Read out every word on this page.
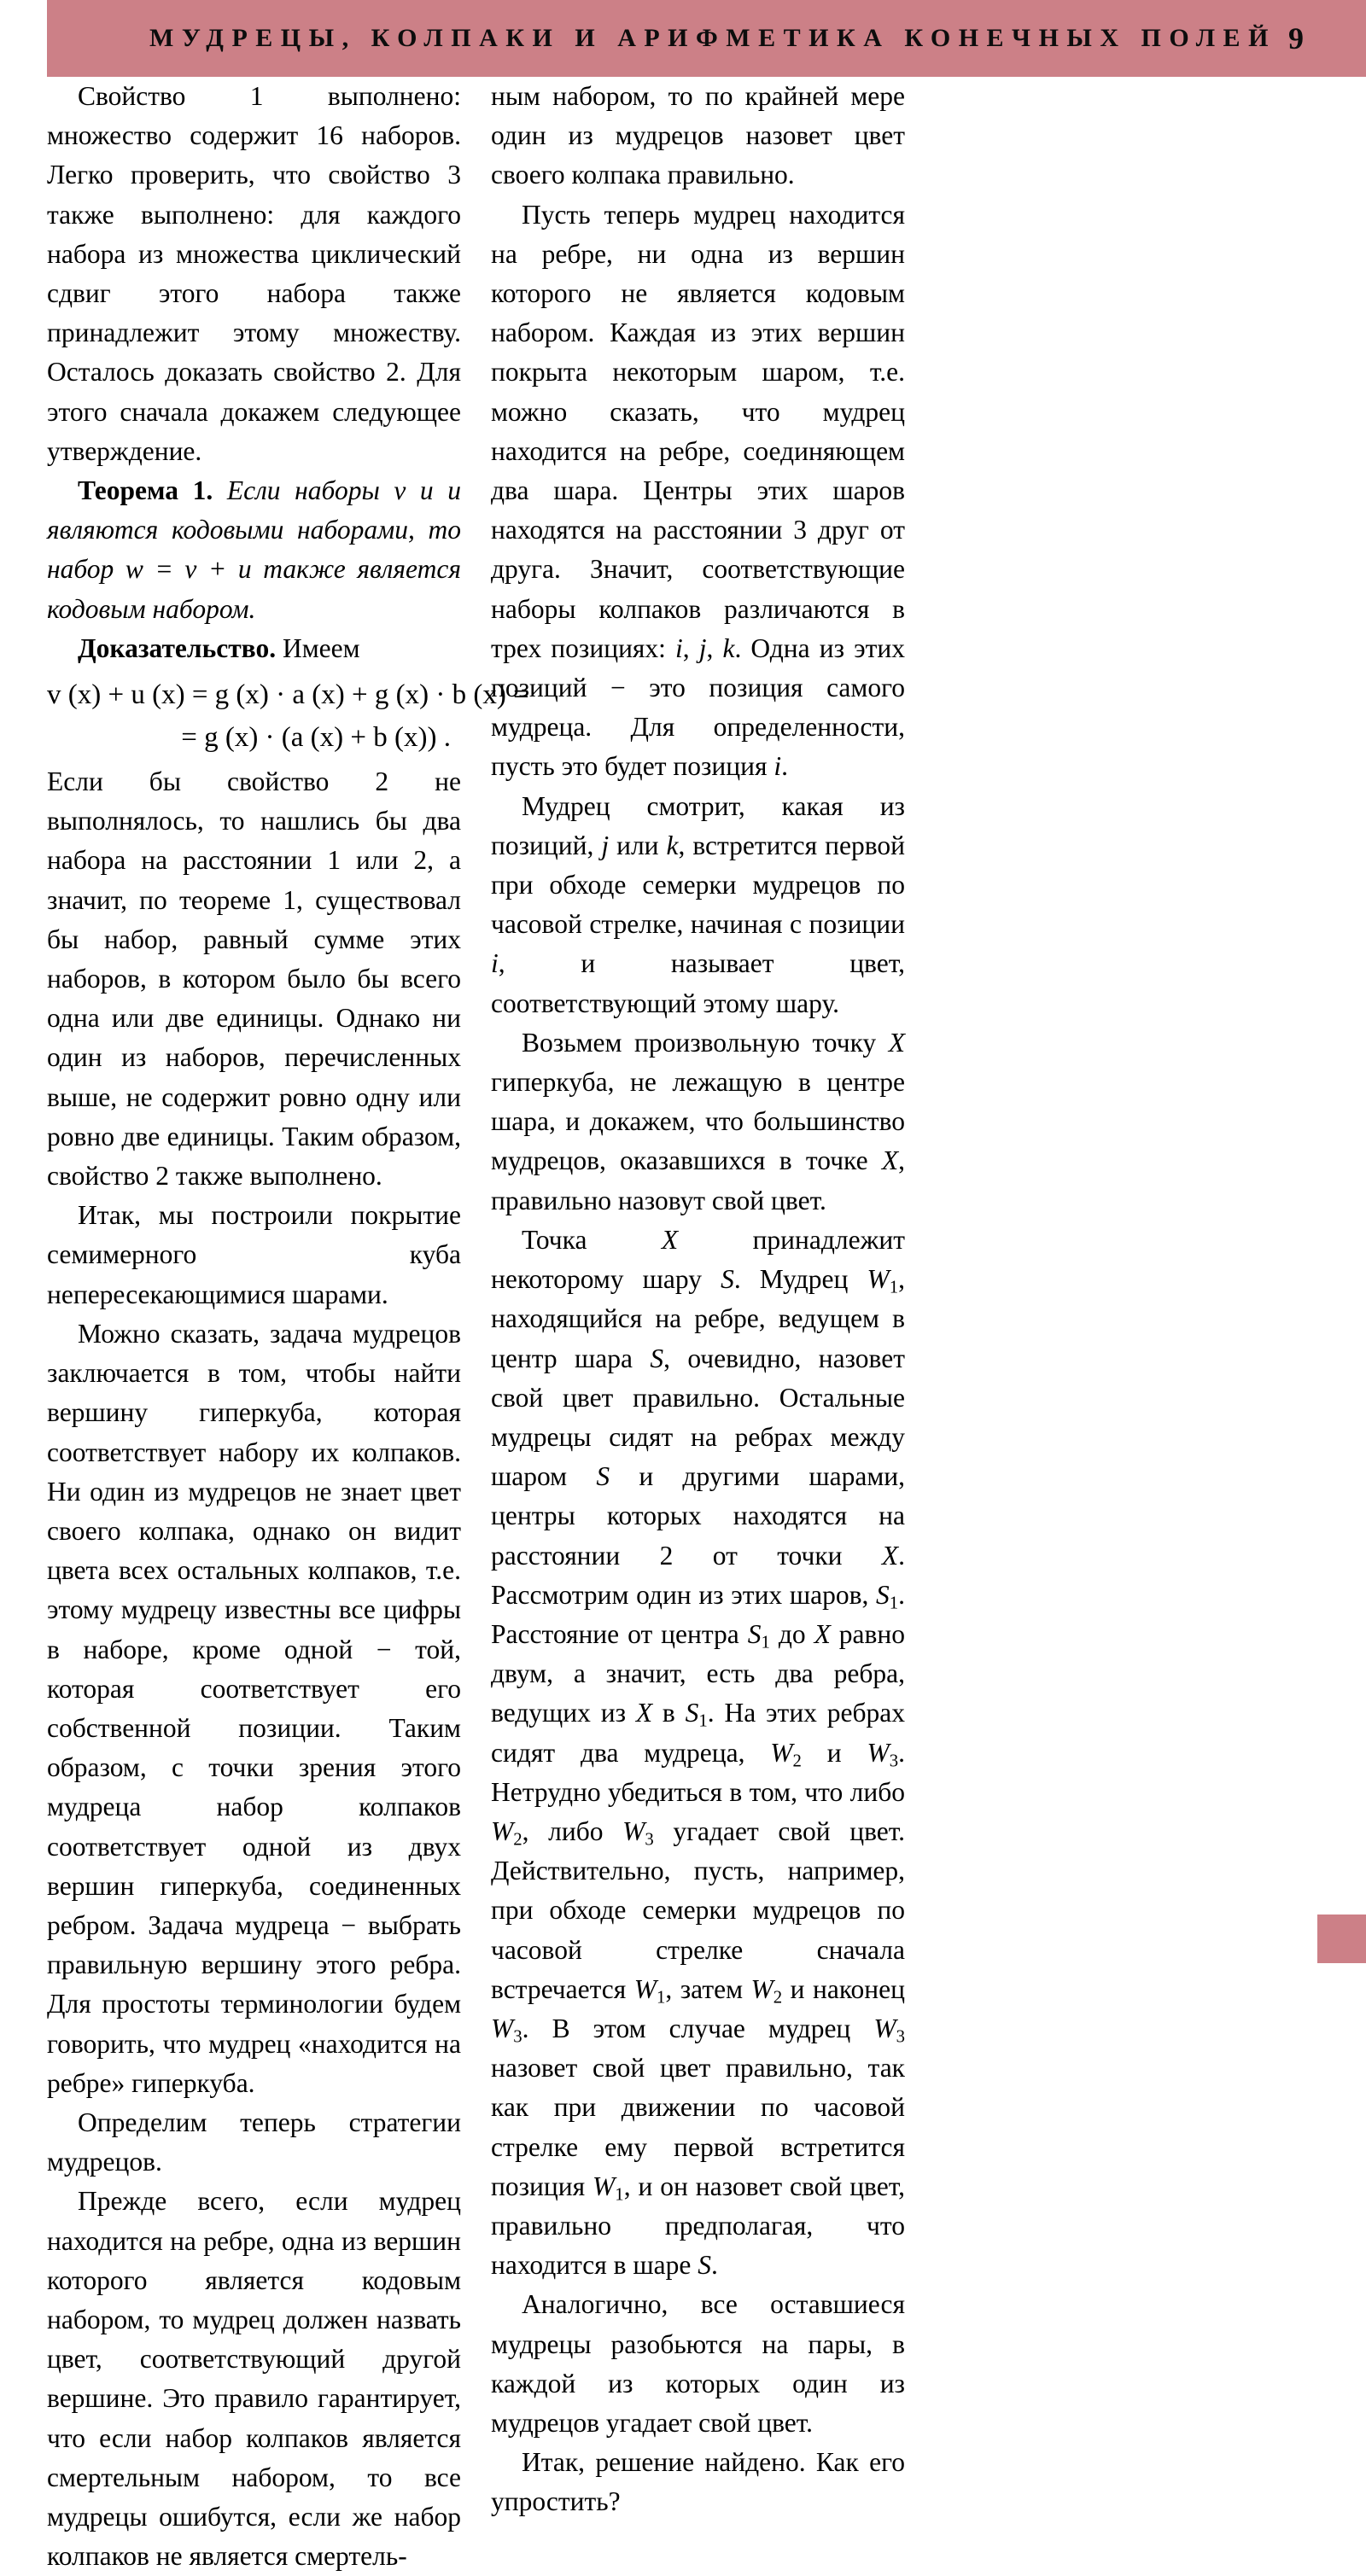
МУДРЕЦЫ, КОЛПАКИ И АРИФМЕТИКА КОНЕЧНЫХ ПОЛЕЙ 9

Свойство 1 выполнено: множество содержит 16 наборов. Легко проверить, что свойство 3 также выполнено: для каждого набора из множества циклический сдвиг этого набора также принадлежит этому множеству. Осталось доказать свойство 2. Для этого сначала докажем следующее утверждение.

Теорема 1. Если наборы v и u являются кодовыми наборами, то набор w = v + u также является кодовым набором.

Доказательство. Имеем

v (x) + u (x) = g (x) · a (x) + g (x) · b (x) =
= g (x) · (a (x) + b (x)) .

Если бы свойство 2 не выполнялось, то нашлись бы два набора на расстоянии 1 или 2, а значит, по теореме 1, существовал бы набор, равный сумме этих наборов, в котором было бы всего одна или две единицы. Однако ни один из наборов, перечисленных выше, не содержит ровно одну или ровно две единицы. Таким образом, свойство 2 также выполнено.

Итак, мы построили покрытие семимерного куба непересекающимися шарами.

Можно сказать, задача мудрецов заключается в том, чтобы найти вершину гиперкуба, которая соответствует набору их колпаков. Ни один из мудрецов не знает цвет своего колпака, однако он видит цвета всех остальных колпаков, т.е. этому мудрецу известны все цифры в наборе, кроме одной − той, которая соответствует его собственной позиции. Таким образом, с точки зрения этого мудреца набор колпаков соответствует одной из двух вершин гиперкуба, соединенных ребром. Задача мудреца − выбрать правильную вершину этого ребра. Для простоты терминологии будем говорить, что мудрец «находится на ребре» гиперкуба.

Определим теперь стратегии мудрецов.

Прежде всего, если мудрец находится на ребре, одна из вершин которого является кодовым набором, то мудрец должен назвать цвет, соответствующий другой вершине. Это правило гарантирует, что если набор колпаков является смертельным набором, то все мудрецы ошибутся, если же набор колпаков не является смертель-

ным набором, то по крайней мере один из мудрецов назовет цвет своего колпака правильно.

Пусть теперь мудрец находится на ребре, ни одна из вершин которого не является кодовым набором. Каждая из этих вершин покрыта некоторым шаром, т.е. можно сказать, что мудрец находится на ребре, соединяющем два шара. Центры этих шаров находятся на расстоянии 3 друг от друга. Значит, соответствующие наборы колпаков различаются в трех позициях: i, j, k. Одна из этих позиций − это позиция самого мудреца. Для определенности, пусть это будет позиция i.

Мудрец смотрит, какая из позиций, j или k, встретится первой при обходе семерки мудрецов по часовой стрелке, начиная с позиции i, и называет цвет, соответствующий этому шару.

Возьмем произвольную точку X гиперкуба, не лежащую в центре шара, и докажем, что большинство мудрецов, оказавшихся в точке X, правильно назовут свой цвет.

Точка X принадлежит некоторому шару S. Мудрец $W_1$, находящийся на ребре, ведущем в центр шара S, очевидно, назовет свой цвет правильно. Остальные мудрецы сидят на ребрах между шаром S и другими шарами, центры которых находятся на расстоянии 2 от точки X. Рассмотрим один из этих шаров, $S_1$. Расстояние от центра $S_1$ до X равно двум, а значит, есть два ребра, ведущих из X в $S_1$. На этих ребрах сидят два мудреца, $W_2$ и $W_3$. Нетрудно убедиться в том, что либо $W_2$, либо $W_3$ угадает свой цвет. Действительно, пусть, например, при обходе семерки мудрецов по часовой стрелке сначала встречается $W_1$, затем $W_2$ и наконец $W_3$. В этом случае мудрец $W_3$ назовет свой цвет правильно, так как при движении по часовой стрелке ему первой встретится позиция $W_1$, и он назовет свой цвет, правильно предполагая, что находится в шаре S.

Аналогично, все оставшиеся мудрецы разобьются на пары, в каждой из которых один из мудрецов угадает свой цвет.

Итак, решение найдено. Как его упростить?
